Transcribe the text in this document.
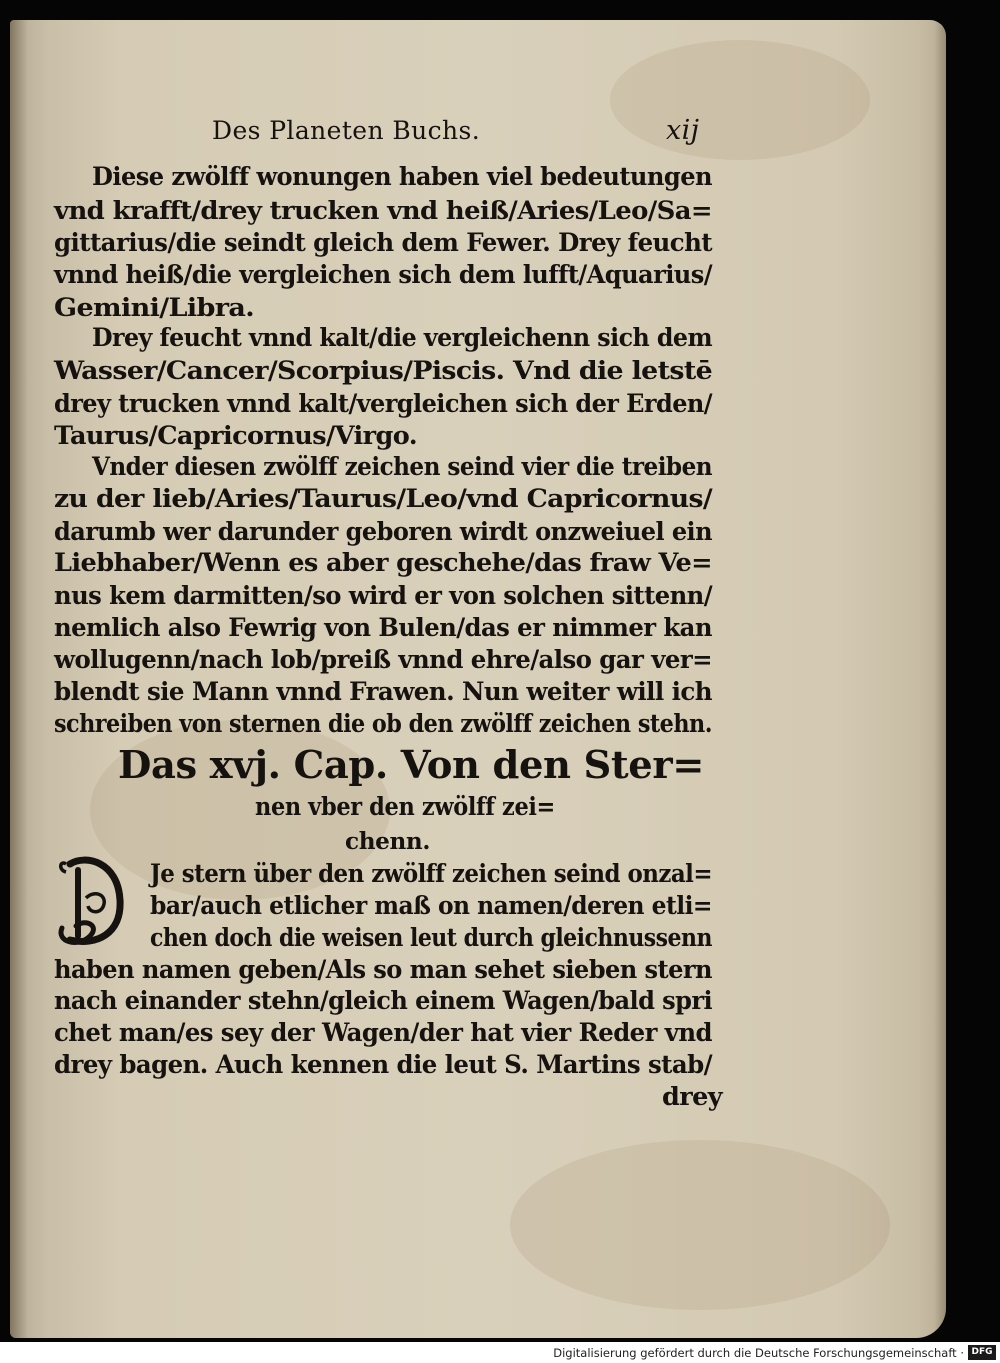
Des Planeten Buchs.	xij
Diese zwölff wonungen haben viel bedeutungen
vnd krafft/drey trucken vnd heiß/Aries/Leo/Sa=
gittarius/die seindt gleich dem Fewer. Drey feucht
vnnd heiß/die vergleichen sich dem lufft/Aquarius/
Gemini/Libra.
Drey feucht vnnd kalt/die vergleichenn sich dem
Wasser/Cancer/Scorpius/Piscis. Vnd die letstē
drey trucken vnnd kalt/vergleichen sich der Erden/
Taurus/Capricornus/Virgo.
Vnder diesen zwölff zeichen seind vier die treiben
zu der lieb/Aries/Taurus/Leo/vnd Capricornus/
darumb wer darunder geboren wirdt onzweiuel ein
Liebhaber/Wenn es aber geschehe/das fraw Ve=
nus kem darmitten/so wird er von solchen sittenn/
nemlich also Fewrig von Bulen/das er nimmer kan
wollugenn/nach lob/preiß vnnd ehre/also gar ver=
blendt sie Mann vnnd Frawen. Nun weiter will ich
schreiben von sternen die ob den zwölff zeichen stehn.
Das xvj. Cap. Von den Ster=
nen vber den zwölff zei=
chenn.
Je stern über den zwölff zeichen seind onzal=
bar/auch etlicher maß on namen/deren etli=
chen doch die weisen leut durch gleichnussenn
haben namen geben/Als so man sehet sieben stern
nach einander stehn/gleich einem Wagen/bald spri
chet man/es sey der Wagen/der hat vier Reder vnd
drey bagen. Auch kennen die leut S. Martins stab/
drey
Digitalisierung gefördert durch die Deutsche Forschungsgemeinschaft · DFG
